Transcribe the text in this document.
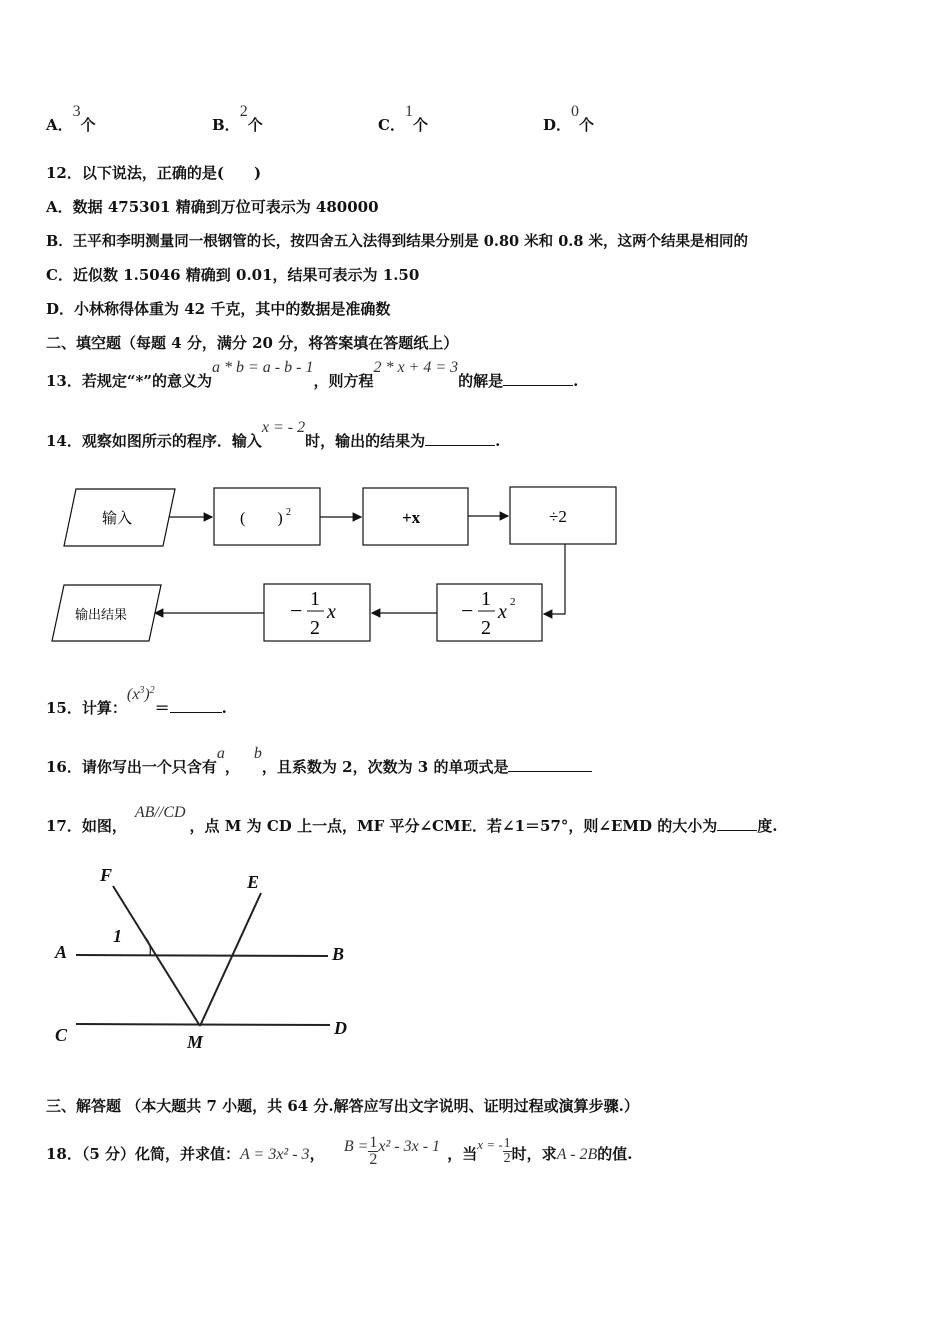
A．3个	B．2个	C．1个	D．0个
12．以下说法，正确的是(　　)
A．数据 475301 精确到万位可表示为 480000
B．王平和李明测量同一根钢管的长，按四舍五入法得到结果分别是 0.80 米和 0.8 米，这两个结果是相同的
C．近似数 1.5046 精确到 0.01，结果可表示为 1.50
D．小林称得体重为 42 千克，其中的数据是准确数
二、填空题（每题 4 分，满分 20 分，将答案填在答题纸上）
13．若规定“*”的意义为a * b = a - b - 1，则方程2 * x + 4 = 3的解是	.
14．观察如图所示的程序．输入x = - 2时，输出的结果为	.
输入	(　　) 2	+x	÷2
− 1
2
x 2
− 1
2
x
输出结果
15．计算：$(x^3)^2=$	.
16．请你写出一个只含有a，b，且系数为 2，次数为 3 的单项式是
17．如图，AB//CD，点 M 为 CD 上一点，MF 平分∠CME．若∠1＝57°，则∠EMD 的大小为	度.
F	E
A	B
C	D
M
1
三、解答题 （本大题共 7 小题，共 64 分.解答应写出文字说明、证明过程或演算步骤.）
18．（5 分）化简，并求值：A = 3x² - 3， $B = \frac{1}{2} x^2 - 3x - 1$ ，当x = - $\frac{1}{2}$ 时，求A - 2B的值.
